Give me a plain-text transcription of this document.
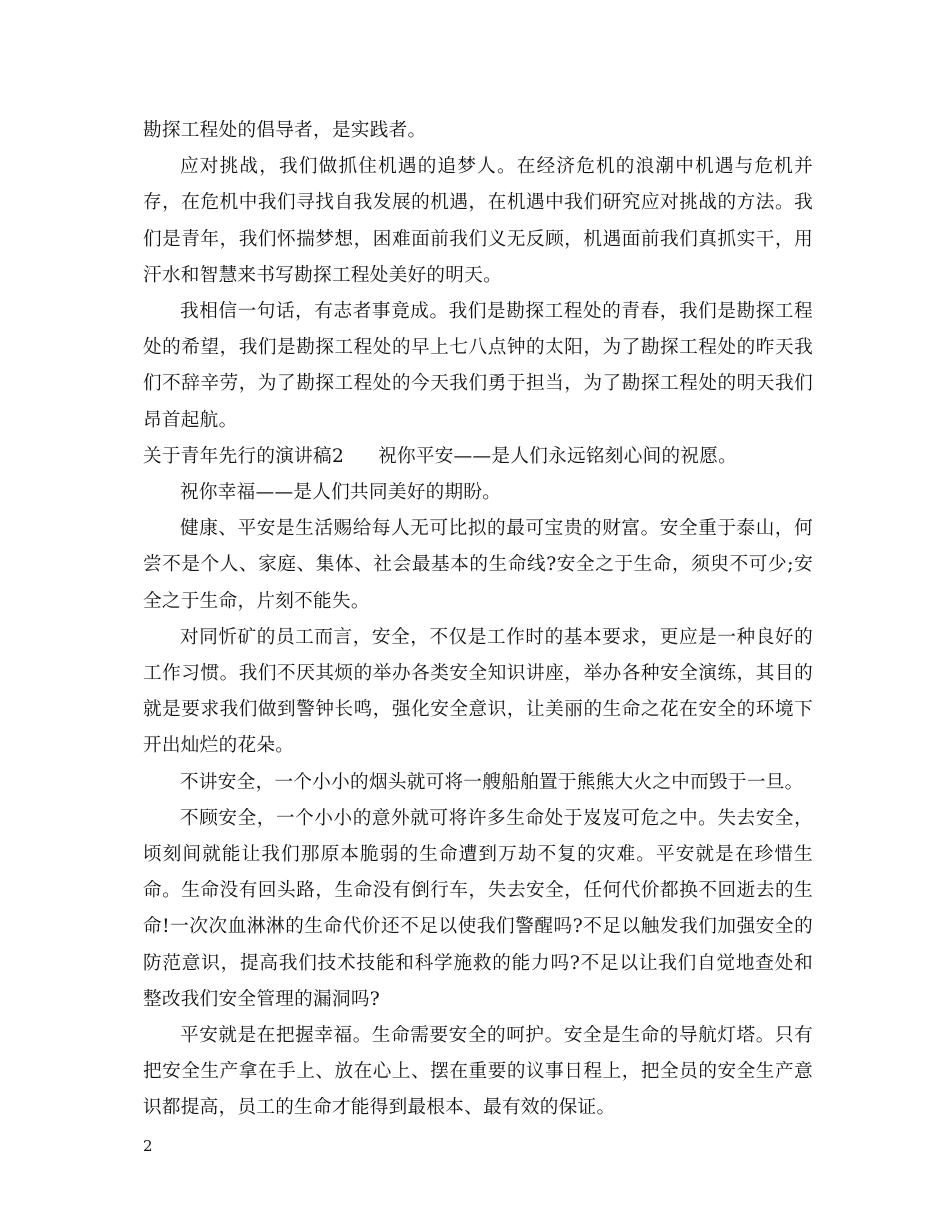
勘探工程处的倡导者，是实践者。

应对挑战，我们做抓住机遇的追梦人。在经济危机的浪潮中机遇与危机并存，在危机中我们寻找自我发展的机遇，在机遇中我们研究应对挑战的方法。我们是青年，我们怀揣梦想，困难面前我们义无反顾，机遇面前我们真抓实干，用汗水和智慧来书写勘探工程处美好的明天。

我相信一句话，有志者事竟成。我们是勘探工程处的青春，我们是勘探工程处的希望，我们是勘探工程处的早上七八点钟的太阳，为了勘探工程处的昨天我们不辞辛劳，为了勘探工程处的今天我们勇于担当，为了勘探工程处的明天我们昂首起航。

关于青年先行的演讲稿2 祝你平安——是人们永远铭刻心间的祝愿。

祝你幸福——是人们共同美好的期盼。

健康、平安是生活赐给每人无可比拟的最可宝贵的财富。安全重于泰山，何尝不是个人、家庭、集体、社会最基本的生命线?安全之于生命，须臾不可少;安全之于生命，片刻不能失。

对同忻矿的员工而言，安全，不仅是工作时的基本要求，更应是一种良好的工作习惯。我们不厌其烦的举办各类安全知识讲座，举办各种安全演练，其目的就是要求我们做到警钟长鸣，强化安全意识，让美丽的生命之花在安全的环境下开出灿烂的花朵。

不讲安全，一个小小的烟头就可将一艘船舶置于熊熊大火之中而毁于一旦。

不顾安全，一个小小的意外就可将许多生命处于岌岌可危之中。失去安全，顷刻间就能让我们那原本脆弱的生命遭到万劫不复的灾难。平安就是在珍惜生命。生命没有回头路，生命没有倒行车，失去安全，任何代价都换不回逝去的生命!一次次血淋淋的生命代价还不足以使我们警醒吗?不足以触发我们加强安全的防范意识，提高我们技术技能和科学施救的能力吗?不足以让我们自觉地查处和整改我们安全管理的漏洞吗?

平安就是在把握幸福。生命需要安全的呵护。安全是生命的导航灯塔。只有把安全生产拿在手上、放在心上、摆在重要的议事日程上，把全员的安全生产意识都提高，员工的生命才能得到最根本、最有效的保证。

2
